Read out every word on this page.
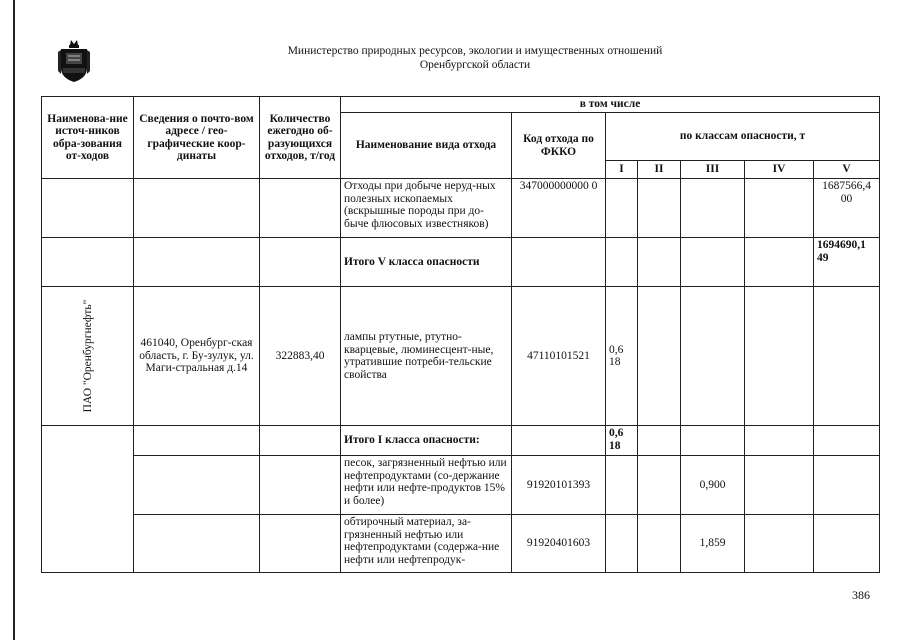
Министерство природных ресурсов, экологии и имущественных отношений
Оренбургской области
Наименова-ние источ-ников обра-зования от-ходов	Сведения о почто-вом адресе / гео-графические коор-динаты	Количество ежегодно об-разующихся отходов, т/год	в том числе						
			Наименование вида отхода	Код отхода по ФККО	по классам опасности, т				
					I	II	III	IV	V
			Отходы при добыче неруд-ных полезных ископаемых (вскрышные породы при до-быче флюсовых известняков)	347000000000 0					1687566,4 00
			Итого V класса опасности						1694690,1 49

ПАО "Оренбургнефть"	461040, Оренбург-ская область, г. Бу-зулук, ул. Маги-стральная д.14	322883,40	лампы ртутные, ртутно-кварцевые, люминесцент-ные, утратившие потреби-тельские свойства	47110101521	0,6 18				
			Итого I класса опасности:		0,6 18				
			песок, загрязненный нефтью или нефтепродуктами (со-держание нефти или нефте-продуктов 15% и более)	91920101393			0,900		
			обтирочный материал, за-грязненный нефтью или нефтепродуктами (содержа-ние нефти или нефтепродук-	91920401603			1,859		
386
